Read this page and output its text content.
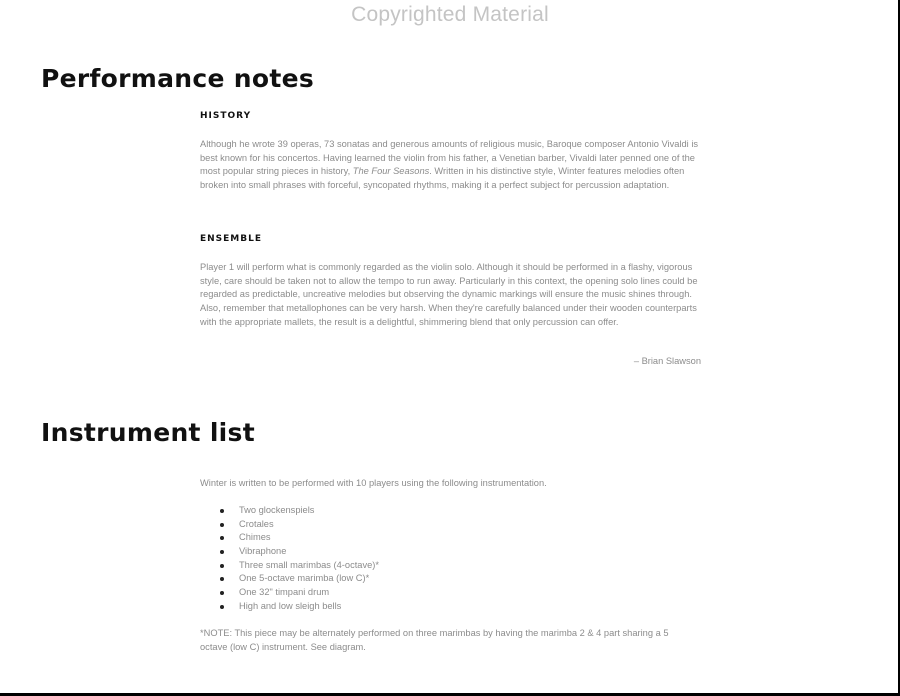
Copyrighted Material
Performance notes
HISTORY

Although he wrote 39 operas, 73 sonatas and generous amounts of religious music, Baroque composer Antonio Vivaldi is best known for his concertos. Having learned the violin from his father, a Venetian barber, Vivaldi later penned one of the most popular string pieces in history, The Four Seasons. Written in his distinctive style, Winter features melodies often broken into small phrases with forceful, syncopated rhythms, making it a perfect subject for percussion adaptation.

ENSEMBLE

Player 1 will perform what is commonly regarded as the violin solo. Although it should be performed in a flashy, vigorous style, care should be taken not to allow the tempo to run away. Particularly in this context, the opening solo lines could be regarded as predictable, uncreative melodies but observing the dynamic markings will ensure the music shines through. Also, remember that metallophones can be very harsh. When they're carefully balanced under their wooden counterparts with the appropriate mallets, the result is a delightful, shimmering blend that only percussion can offer.

– Brian Slawson
Instrument list

Winter is written to be performed with 10 players using the following instrumentation.

Two glockenspiels
Crotales
Chimes
Vibraphone
Three small marimbas (4-octave)*
One 5-octave marimba (low C)*
One 32" timpani drum
High and low sleigh bells

*NOTE: This piece may be alternately performed on three marimbas by having the marimba 2 & 4 part sharing a 5 octave (low C) instrument. See diagram.
